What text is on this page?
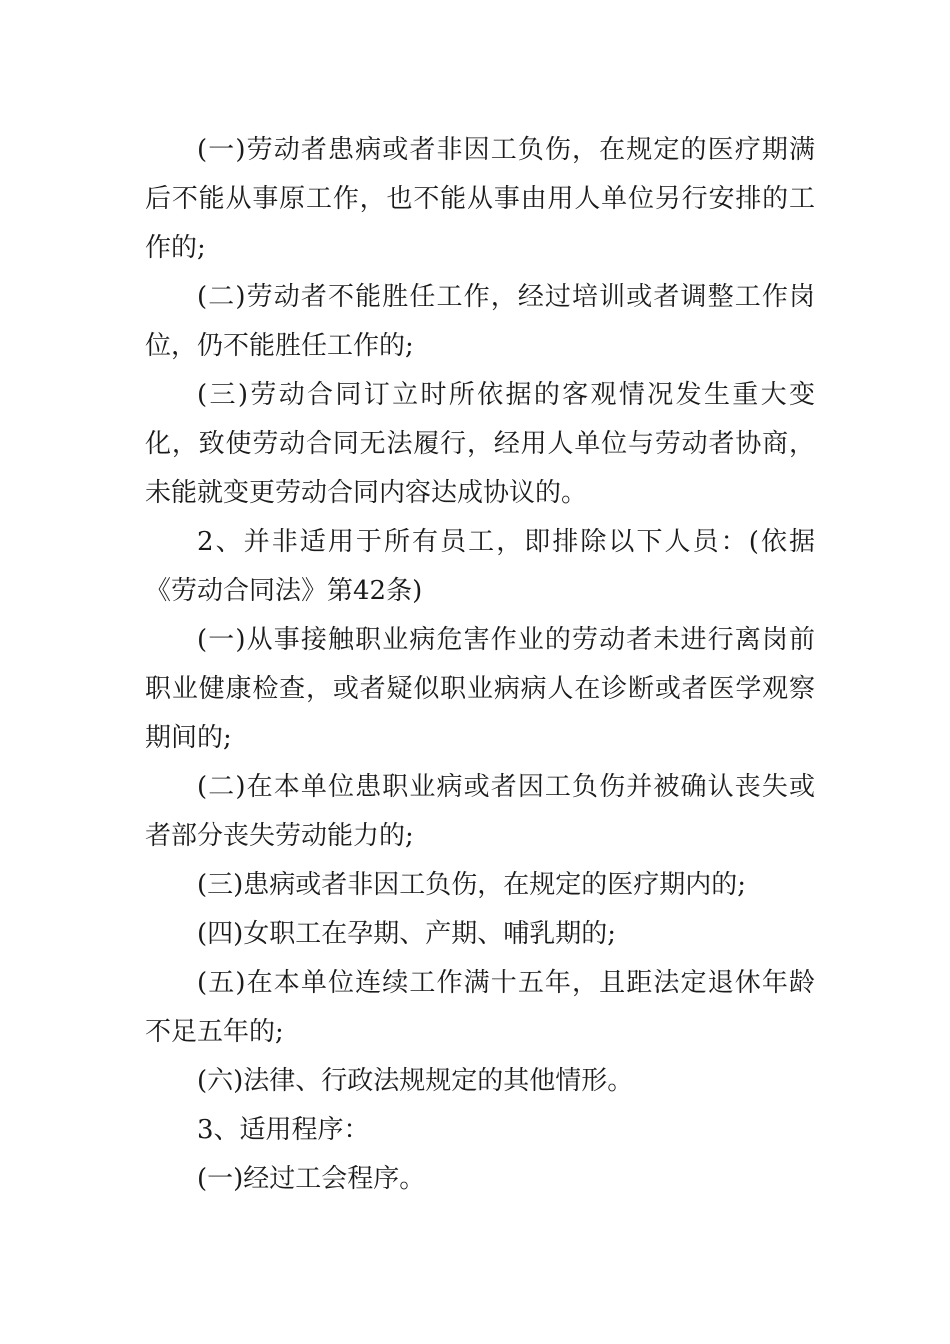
(一)劳动者患病或者非因工负伤，在规定的医疗期满后不能从事原工作，也不能从事由用人单位另行安排的工作的;

(二)劳动者不能胜任工作，经过培训或者调整工作岗位，仍不能胜任工作的;

(三)劳动合同订立时所依据的客观情况发生重大变化，致使劳动合同无法履行，经用人单位与劳动者协商，未能就变更劳动合同内容达成协议的。

2、并非适用于所有员工，即排除以下人员：(依据《劳动合同法》第42条)

(一)从事接触职业病危害作业的劳动者未进行离岗前职业健康检查，或者疑似职业病病人在诊断或者医学观察期间的;

(二)在本单位患职业病或者因工负伤并被确认丧失或者部分丧失劳动能力的;

(三)患病或者非因工负伤，在规定的医疗期内的;

(四)女职工在孕期、产期、哺乳期的;

(五)在本单位连续工作满十五年，且距法定退休年龄不足五年的;

(六)法律、行政法规规定的其他情形。

3、适用程序：

(一)经过工会程序。
